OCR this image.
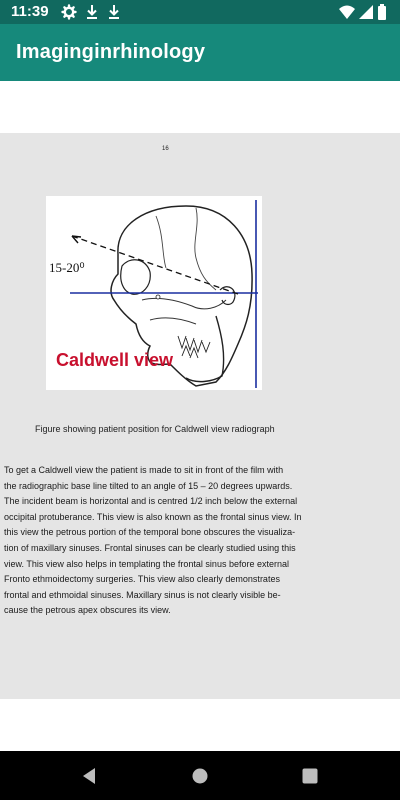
11:39
Imaginginrhinology
16
15-20⁰
Caldwell view
Figure showing patient position for Caldwell view radiograph

To get a Caldwell view the patient is made to sit in front of the film with
the radiographic base line tilted to an angle of 15 – 20 degrees upwards.
The incident beam is horizontal and is centred 1/2 inch below the external
occipital protuberance. This view is also known as the frontal sinus view. In
this view the petrous portion of the temporal bone obscures the visualiza-
tion of maxillary sinuses. Frontal sinuses can be clearly studied using this
view. This view also helps in templating the frontal sinus before external
Fronto ethmoidectomy surgeries. This view also clearly demonstrates
frontal and ethmoidal sinuses. Maxillary sinus is not clearly visible be-
cause the petrous apex obscures its view.
